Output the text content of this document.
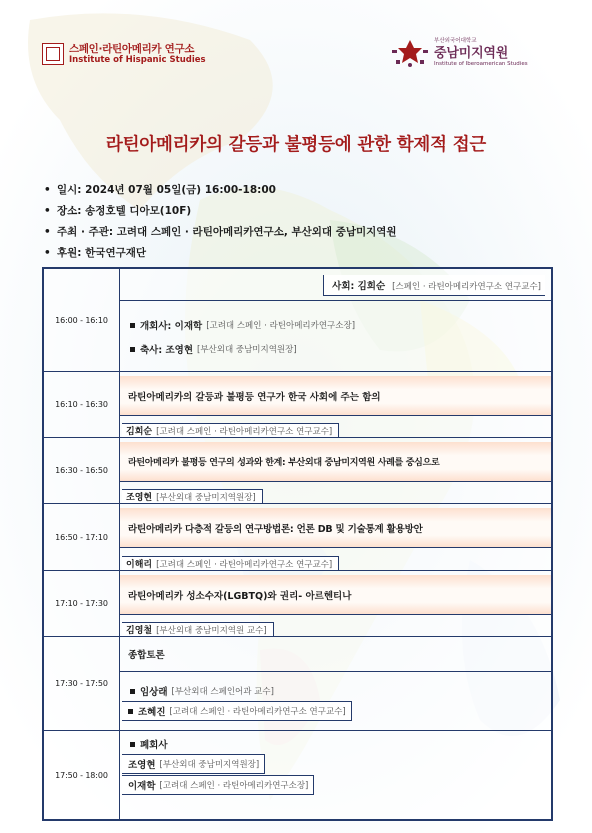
스페인·라틴아메리카 연구소
Institute of Hispanic Studies
부산외국어대학교
중남미지역원
Institute of Iberoamerican Studies
라틴아메리카의 갈등과 불평등에 관한 학제적 접근
• 일시: 2024년 07월 05일(금) 16:00-18:00
• 장소: 송정호텔 디아모(10F)
• 주최 · 주관: 고려대 스페인 · 라틴아메리카연구소, 부산외대 중남미지역원
• 후원: 한국연구재단
16:00 - 16:10
사회: 김희순 [스페인 · 라틴아메리카연구소 연구교수]
개회사: 이재학 [고려대 스페인 · 라틴아메리카연구소장]
축사: 조영현 [부산외대 중남미지역원장]
16:10 - 16:30
라틴아메리카의 갈등과 불평등 연구가 한국 사회에 주는 함의
김희순 [고려대 스페인 · 라틴아메리카연구소 연구교수]
16:30 - 16:50
라틴아메리카 불평등 연구의 성과와 한계: 부산외대 중남미지역원 사례를 중심으로
조영현 [부산외대 중남미지역원장]
16:50 - 17:10
라틴아메리카 다층적 갈등의 연구방법론: 언론 DB 및 기술통계 활용방안
이해리 [고려대 스페인 · 라틴아메리카연구소 연구교수]
17:10 - 17:30
라틴아메리카 성소수자(LGBTQ)와 권리- 아르헨티나
김영철 [부산외대 중남미지역원 교수]
17:30 - 17:50
종합토론
임상래 [부산외대 스페인어과 교수]
조혜진 [고려대 스페인 · 라틴아메리카연구소 연구교수]
17:50 - 18:00
폐회사
조영현 [부산외대 중남미지역원장]
이재학 [고려대 스페인 · 라틴아메리카연구소장]
